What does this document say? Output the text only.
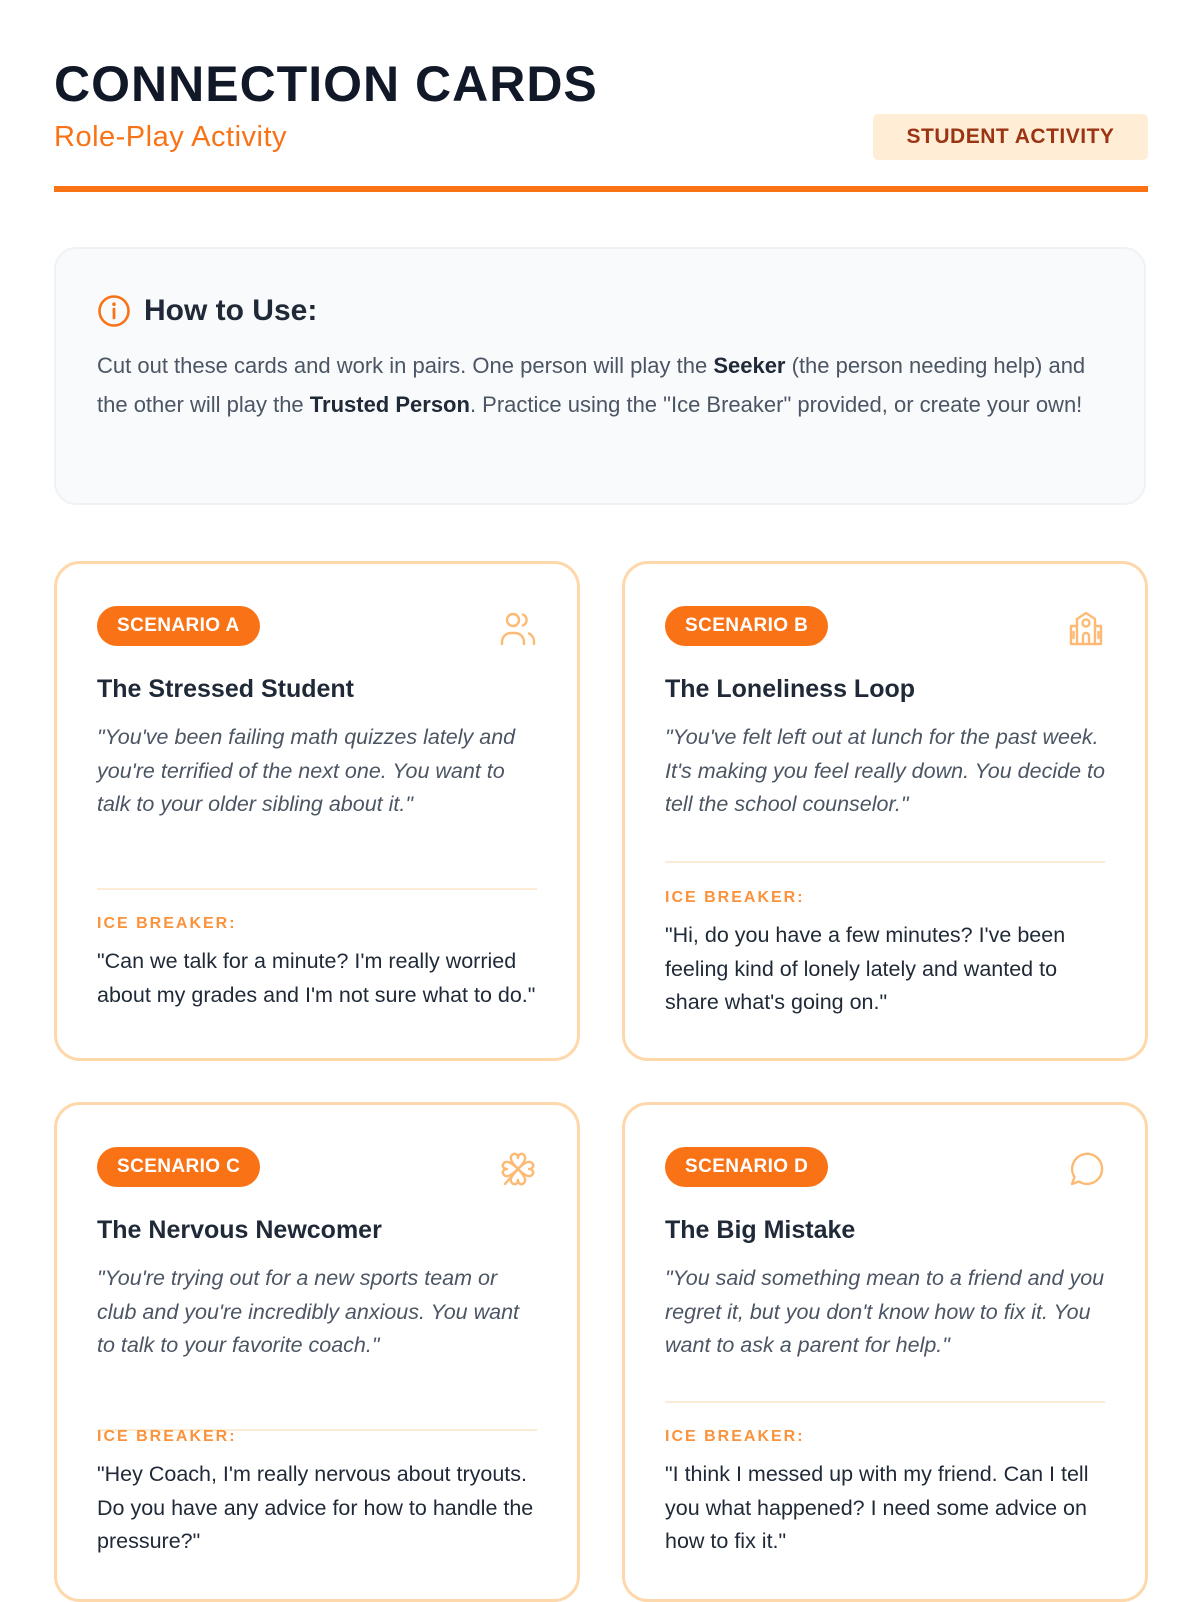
CONNECTION CARDS
Role-Play Activity	STUDENT ACTIVITY
How to Use:

Cut out these cards and work in pairs. One person will play the Seeker (the person needing help) and the other will play the Trusted Person. Practice using the "Ice Breaker" provided, or create your own!

SCENARIO A
The Stressed Student

"You've been failing math quizzes lately and you're terrified of the next one. You want to talk to your older sibling about it."

ICE BREAKER:

"Can we talk for a minute? I'm really worried about my grades and I'm not sure what to do."

SCENARIO B
The Loneliness Loop

"You've felt left out at lunch for the past week. It's making you feel really down. You decide to tell the school counselor."

ICE BREAKER:

"Hi, do you have a few minutes? I've been feeling kind of lonely lately and wanted to share what's going on."

SCENARIO C
The Nervous Newcomer

"You're trying out for a new sports team or club and you're incredibly anxious. You want to talk to your favorite coach."

ICE BREAKER:

"Hey Coach, I'm really nervous about tryouts. Do you have any advice for how to handle the pressure?"

SCENARIO D
The Big Mistake

"You said something mean to a friend and you regret it, but you don't know how to fix it. You want to ask a parent for help."

ICE BREAKER:

"I think I messed up with my friend. Can I tell you what happened? I need some advice on how to fix it."
